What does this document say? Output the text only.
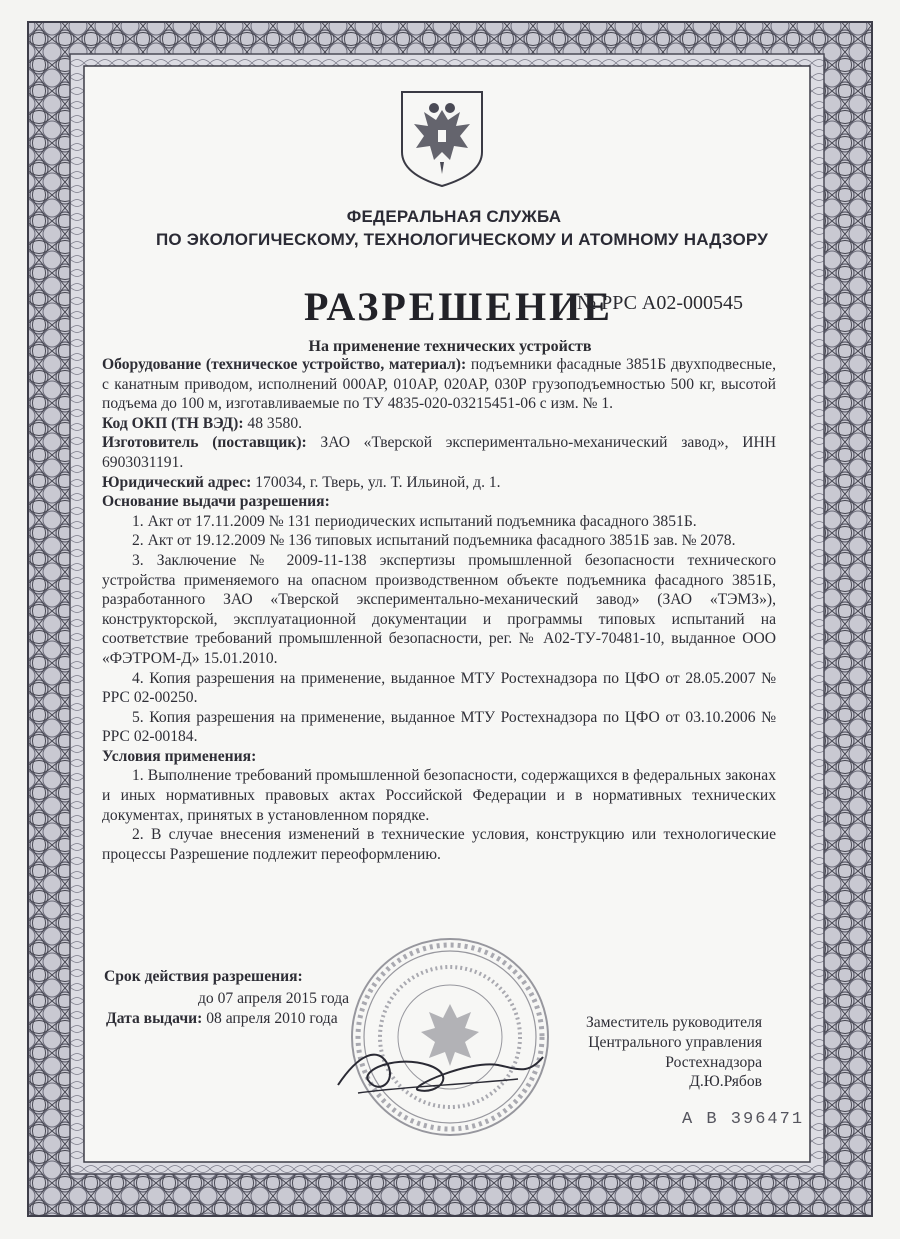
ФЕДЕРАЛЬНАЯ СЛУЖБА
ПО ЭКОЛОГИЧЕСКОМУ, ТЕХНОЛОГИЧЕСКОМУ И АТОМНОМУ НАДЗОРУ
РАЗРЕШЕНИЕ
№ РРС А02-000545
На применение технических устройств

Оборудование (техническое устройство, материал): подъемники фасадные 3851Б двухподвесные, с канатным приводом, исполнений 000АР, 010АР, 020АР, 030Р грузоподъемностью 500 кг, высотой подъема до 100 м, изготавливаемые по ТУ 4835-020-03215451-06 с изм. № 1.

Код ОКП (ТН ВЭД): 48 3580.

Изготовитель (поставщик): ЗАО «Тверской экспериментально-механический завод», ИНН 6903031191.

Юридический адрес: 170034, г. Тверь, ул. Т. Ильиной, д. 1.

Основание выдачи разрешения:

1. Акт от 17.11.2009 № 131 периодических испытаний подъемника фасадного 3851Б.

2. Акт от 19.12.2009 № 136 типовых испытаний подъемника фасадного 3851Б зав. № 2078.

3. Заключение № 2009-11-138 экспертизы промышленной безопасности технического устройства применяемого на опасном производственном объекте подъемника фасадного 3851Б, разработанного ЗАО «Тверской экспериментально-механический завод» (ЗАО «ТЭМЗ»), конструкторской, эксплуатационной документации и программы типовых испытаний на соответствие требований промышленной безопасности, рег. № А02-ТУ-70481-10, выданное ООО «ФЭТРОМ-Д» 15.01.2010.

4. Копия разрешения на применение, выданное МТУ Ростехнадзора по ЦФО от 28.05.2007 № РРС 02-00250.

5. Копия разрешения на применение, выданное МТУ Ростехнадзора по ЦФО от 03.10.2006 № РРС 02-00184.

Условия применения:

1. Выполнение требований промышленной безопасности, содержащихся в федеральных законах и иных нормативных правовых актах Российской Федерации и в нормативных технических документах, принятых в установленном порядке.

2. В случае внесения изменений в технические условия, конструкцию или технологические процессы Разрешение подлежит переоформлению.

Срок действия разрешения:
до 07 апреля 2015 года
Дата выдачи: 08 апреля 2010 года	Заместитель руководителя
Центрального управления
Ростехнадзора
Д.Ю.Рябов
А В 396471
